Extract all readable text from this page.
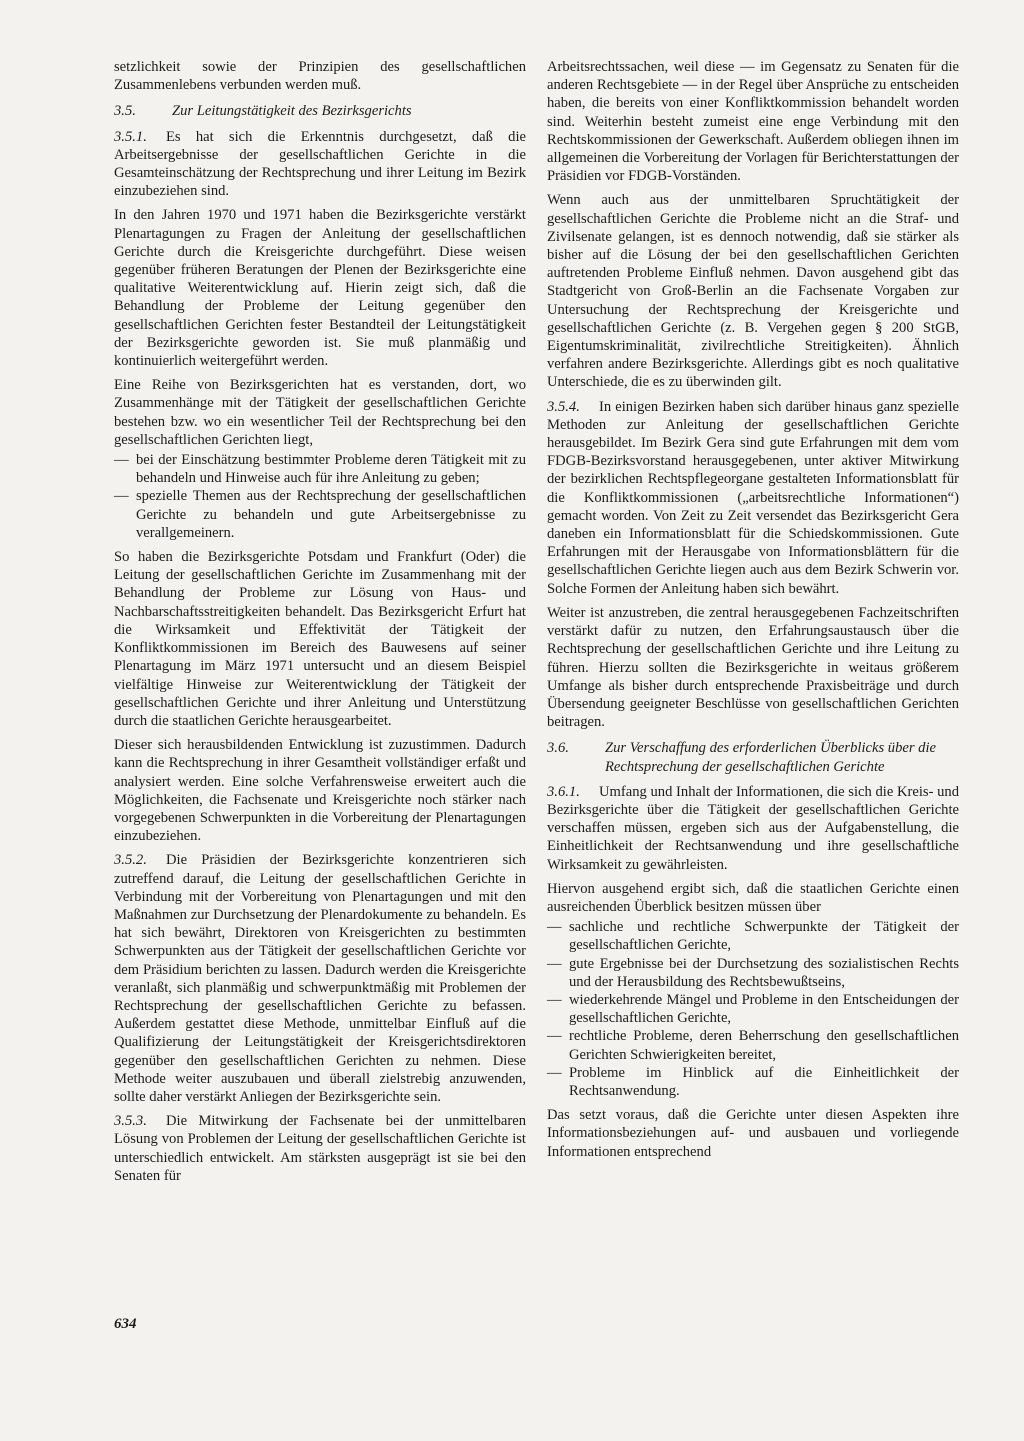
setzlichkeit sowie der Prinzipien des gesellschaftlichen Zusammenlebens verbunden werden muß.

3.5.	Zur Leitungstätigkeit des Bezirksgerichts

3.5.1. Es hat sich die Erkenntnis durchgesetzt, daß die Arbeitsergebnisse der gesellschaftlichen Gerichte in die Gesamteinschätzung der Rechtsprechung und ihrer Leitung im Bezirk einzubeziehen sind.

In den Jahren 1970 und 1971 haben die Bezirksgerichte verstärkt Plenartagungen zu Fragen der Anleitung der gesellschaftlichen Gerichte durch die Kreisgerichte durchgeführt. Diese weisen gegenüber früheren Beratungen der Plenen der Bezirksgerichte eine qualitative Weiterentwicklung auf. Hierin zeigt sich, daß die Behandlung der Probleme der Leitung gegenüber den gesellschaftlichen Gerichten fester Bestandteil der Leitungstätigkeit der Bezirksgerichte geworden ist. Sie muß planmäßig und kontinuierlich weitergeführt werden.

Eine Reihe von Bezirksgerichten hat es verstanden, dort, wo Zusammenhänge mit der Tätigkeit der gesellschaftlichen Gerichte bestehen bzw. wo ein wesentlicher Teil der Rechtsprechung bei den gesellschaftlichen Gerichten liegt,

— bei der Einschätzung bestimmter Probleme deren Tätigkeit mit zu behandeln und Hinweise auch für ihre Anleitung zu geben;
— spezielle Themen aus der Rechtsprechung der gesellschaftlichen Gerichte zu behandeln und gute Arbeitsergebnisse zu verallgemeinern.

So haben die Bezirksgerichte Potsdam und Frankfurt (Oder) die Leitung der gesellschaftlichen Gerichte im Zusammenhang mit der Behandlung der Probleme zur Lösung von Haus- und Nachbarschaftsstreitigkeiten behandelt. Das Bezirksgericht Erfurt hat die Wirksamkeit und Effektivität der Tätigkeit der Konfliktkommissionen im Bereich des Bauwesens auf seiner Plenartagung im März 1971 untersucht und an diesem Beispiel vielfältige Hinweise zur Weiterentwicklung der Tätigkeit der gesellschaftlichen Gerichte und ihrer Anleitung und Unterstützung durch die staatlichen Gerichte herausgearbeitet.

Dieser sich herausbildenden Entwicklung ist zuzustimmen. Dadurch kann die Rechtsprechung in ihrer Gesamtheit vollständiger erfaßt und analysiert werden. Eine solche Verfahrensweise erweitert auch die Möglichkeiten, die Fachsenate und Kreisgerichte noch stärker nach vorgegebenen Schwerpunkten in die Vorbereitung der Plenartagungen einzubeziehen.

3.5.2. Die Präsidien der Bezirksgerichte konzentrieren sich zutreffend darauf, die Leitung der gesellschaftlichen Gerichte in Verbindung mit der Vorbereitung von Plenartagungen und mit den Maßnahmen zur Durchsetzung der Plenardokumente zu behandeln. Es hat sich bewährt, Direktoren von Kreisgerichten zu bestimmten Schwerpunkten aus der Tätigkeit der gesellschaftlichen Gerichte vor dem Präsidium berichten zu lassen. Dadurch werden die Kreisgerichte veranlaßt, sich planmäßig und schwerpunktmäßig mit Problemen der Rechtsprechung der gesellschaftlichen Gerichte zu befassen. Außerdem gestattet diese Methode, unmittelbar Einfluß auf die Qualifizierung der Leitungstätigkeit der Kreisgerichtsdirektoren gegenüber den gesellschaftlichen Gerichten zu nehmen. Diese Methode weiter auszubauen und überall zielstrebig anzuwenden, sollte daher verstärkt Anliegen der Bezirksgerichte sein.

3.5.3. Die Mitwirkung der Fachsenate bei der unmittelbaren Lösung von Problemen der Leitung der gesellschaftlichen Gerichte ist unterschiedlich entwickelt. Am stärksten ausgeprägt ist sie bei den Senaten für

Arbeitsrechtssachen, weil diese — im Gegensatz zu Senaten für die anderen Rechtsgebiete — in der Regel über Ansprüche zu entscheiden haben, die bereits von einer Konfliktkommission behandelt worden sind. Weiterhin besteht zumeist eine enge Verbindung mit den Rechtskommissionen der Gewerkschaft. Außerdem obliegen ihnen im allgemeinen die Vorbereitung der Vorlagen für Berichterstattungen der Präsidien vor FDGB-Vorständen.

Wenn auch aus der unmittelbaren Spruchtätigkeit der gesellschaftlichen Gerichte die Probleme nicht an die Straf- und Zivilsenate gelangen, ist es dennoch notwendig, daß sie stärker als bisher auf die Lösung der bei den gesellschaftlichen Gerichten auftretenden Probleme Einfluß nehmen. Davon ausgehend gibt das Stadtgericht von Groß-Berlin an die Fachsenate Vorgaben zur Untersuchung der Rechtsprechung der Kreisgerichte und gesellschaftlichen Gerichte (z. B. Vergehen gegen § 200 StGB, Eigentumskriminalität, zivilrechtliche Streitigkeiten). Ähnlich verfahren andere Bezirksgerichte. Allerdings gibt es noch qualitative Unterschiede, die es zu überwinden gilt.

3.5.4. In einigen Bezirken haben sich darüber hinaus ganz spezielle Methoden zur Anleitung der gesellschaftlichen Gerichte herausgebildet. Im Bezirk Gera sind gute Erfahrungen mit dem vom FDGB-Bezirksvorstand herausgegebenen, unter aktiver Mitwirkung der bezirklichen Rechtspflegeorgane gestalteten Informationsblatt für die Konfliktkommissionen („arbeitsrechtliche Informationen“) gemacht worden. Von Zeit zu Zeit versendet das Bezirksgericht Gera daneben ein Informationsblatt für die Schiedskommissionen. Gute Erfahrungen mit der Herausgabe von Informationsblättern für die gesellschaftlichen Gerichte liegen auch aus dem Bezirk Schwerin vor. Solche Formen der Anleitung haben sich bewährt.

Weiter ist anzustreben, die zentral herausgegebenen Fachzeitschriften verstärkt dafür zu nutzen, den Erfahrungsaustausch über die Rechtsprechung der gesellschaftlichen Gerichte und ihre Leitung zu führen. Hierzu sollten die Bezirksgerichte in weitaus größerem Umfange als bisher durch entsprechende Praxisbeiträge und durch Übersendung geeigneter Beschlüsse von gesellschaftlichen Gerichten beitragen.

3.6.	Zur Verschaffung des erforderlichen Überblicks über die Rechtsprechung der gesellschaftlichen Gerichte

3.6.1. Umfang und Inhalt der Informationen, die sich die Kreis- und Bezirksgerichte über die Tätigkeit der gesellschaftlichen Gerichte verschaffen müssen, ergeben sich aus der Aufgabenstellung, die Einheitlichkeit der Rechtsanwendung und ihre gesellschaftliche Wirksamkeit zu gewährleisten.

Hiervon ausgehend ergibt sich, daß die staatlichen Gerichte einen ausreichenden Überblick besitzen müssen über

— sachliche und rechtliche Schwerpunkte der Tätigkeit der gesellschaftlichen Gerichte,
— gute Ergebnisse bei der Durchsetzung des sozialistischen Rechts und der Herausbildung des Rechtsbewußtseins,
— wiederkehrende Mängel und Probleme in den Entscheidungen der gesellschaftlichen Gerichte,
— rechtliche Probleme, deren Beherrschung den gesellschaftlichen Gerichten Schwierigkeiten bereitet,
— Probleme im Hinblick auf die Einheitlichkeit der Rechtsanwendung.

Das setzt voraus, daß die Gerichte unter diesen Aspekten ihre Informationsbeziehungen auf- und ausbauen und vorliegende Informationen entsprechend

634
